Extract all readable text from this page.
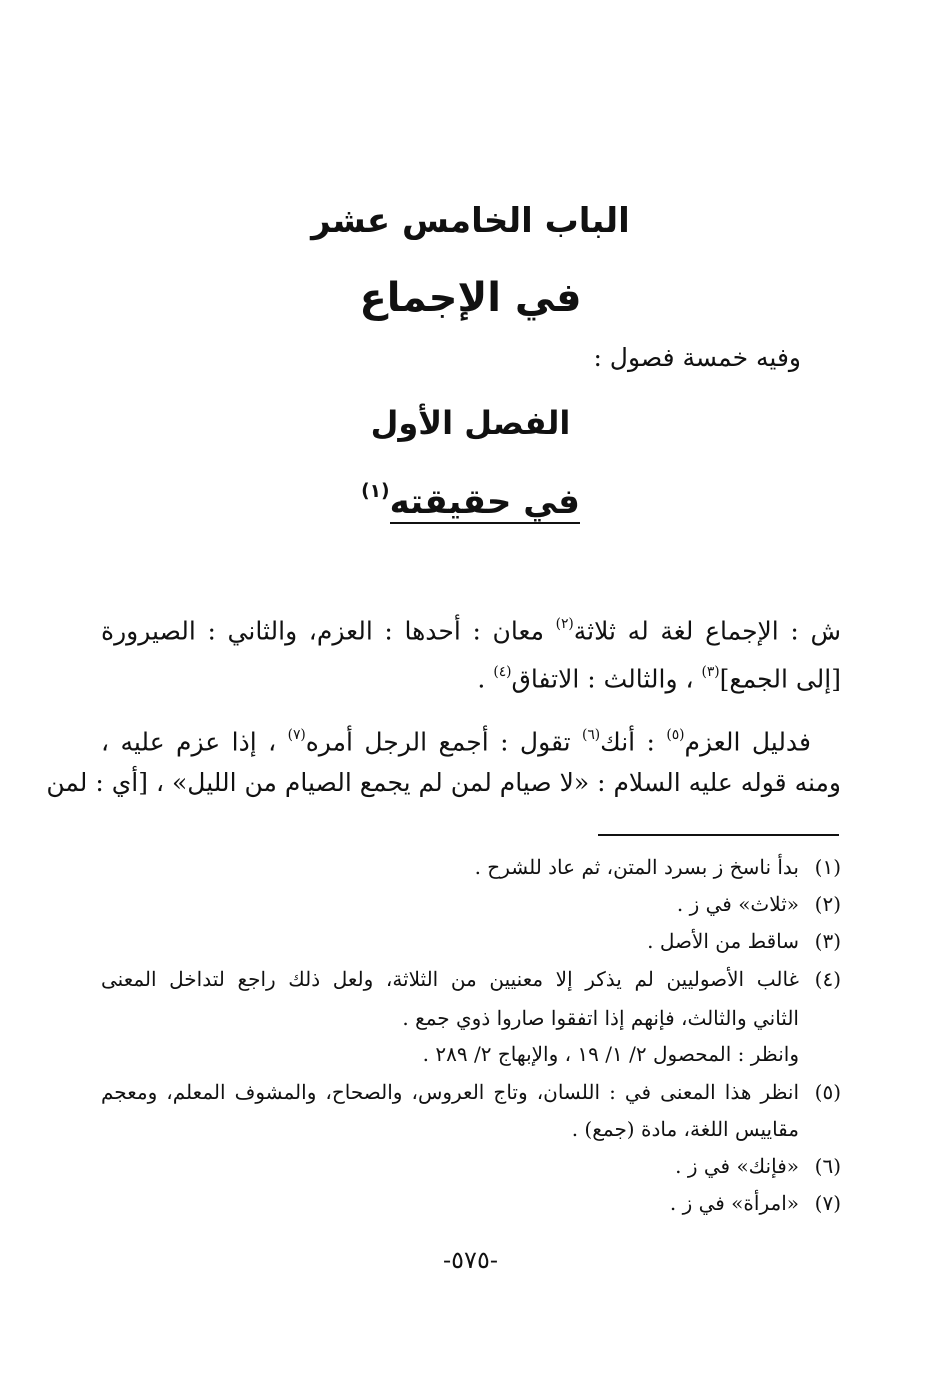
الباب الخامس عشر
في الإجماع
وفيه خمسة فصول :
الفصل الأول
في حقيقته$^{(١)}$
ش : الإجماع لغة له ثلاثة$^{(٢)}$ معان : أحدها : العزم، والثاني : الصيرورة
[إلى الجمع]$^{(٣)}$ ، والثالث : الاتفاق$^{(٤)}$ .
فدليل العزم$^{(٥)}$ : أنك$^{(٦)}$ تقول : أجمع الرجل أمره$^{(٧)}$ ، إذا عزم عليه ،
ومنه قوله عليه السلام : «لا صيام لمن لم يجمع الصيام من الليل» ، [أي : لمن
(١)
بدأ ناسخ ز بسرد المتن، ثم عاد للشرح .
(٢)
«ثلاث» في ز .
(٣)
ساقط من الأصل .
(٤)
غالب الأصوليين لم يذكر إلا معنيين من الثلاثة، ولعل ذلك راجع لتداخل المعنى
الثاني والثالث، فإنهم إذا اتفقوا صاروا ذوي جمع .
وانظر : المحصول ٢/ ١/ ١٩ ، والإبهاج ٢/ ٢٨٩ .
(٥)
انظر هذا المعنى في : اللسان، وتاج العروس، والصحاح، والمشوف المعلم، ومعجم
مقاييس اللغة، مادة (جمع) .
(٦)
«فإنك» في ز .
(٧)
«امرأة» في ز .
-٥٧٥-
